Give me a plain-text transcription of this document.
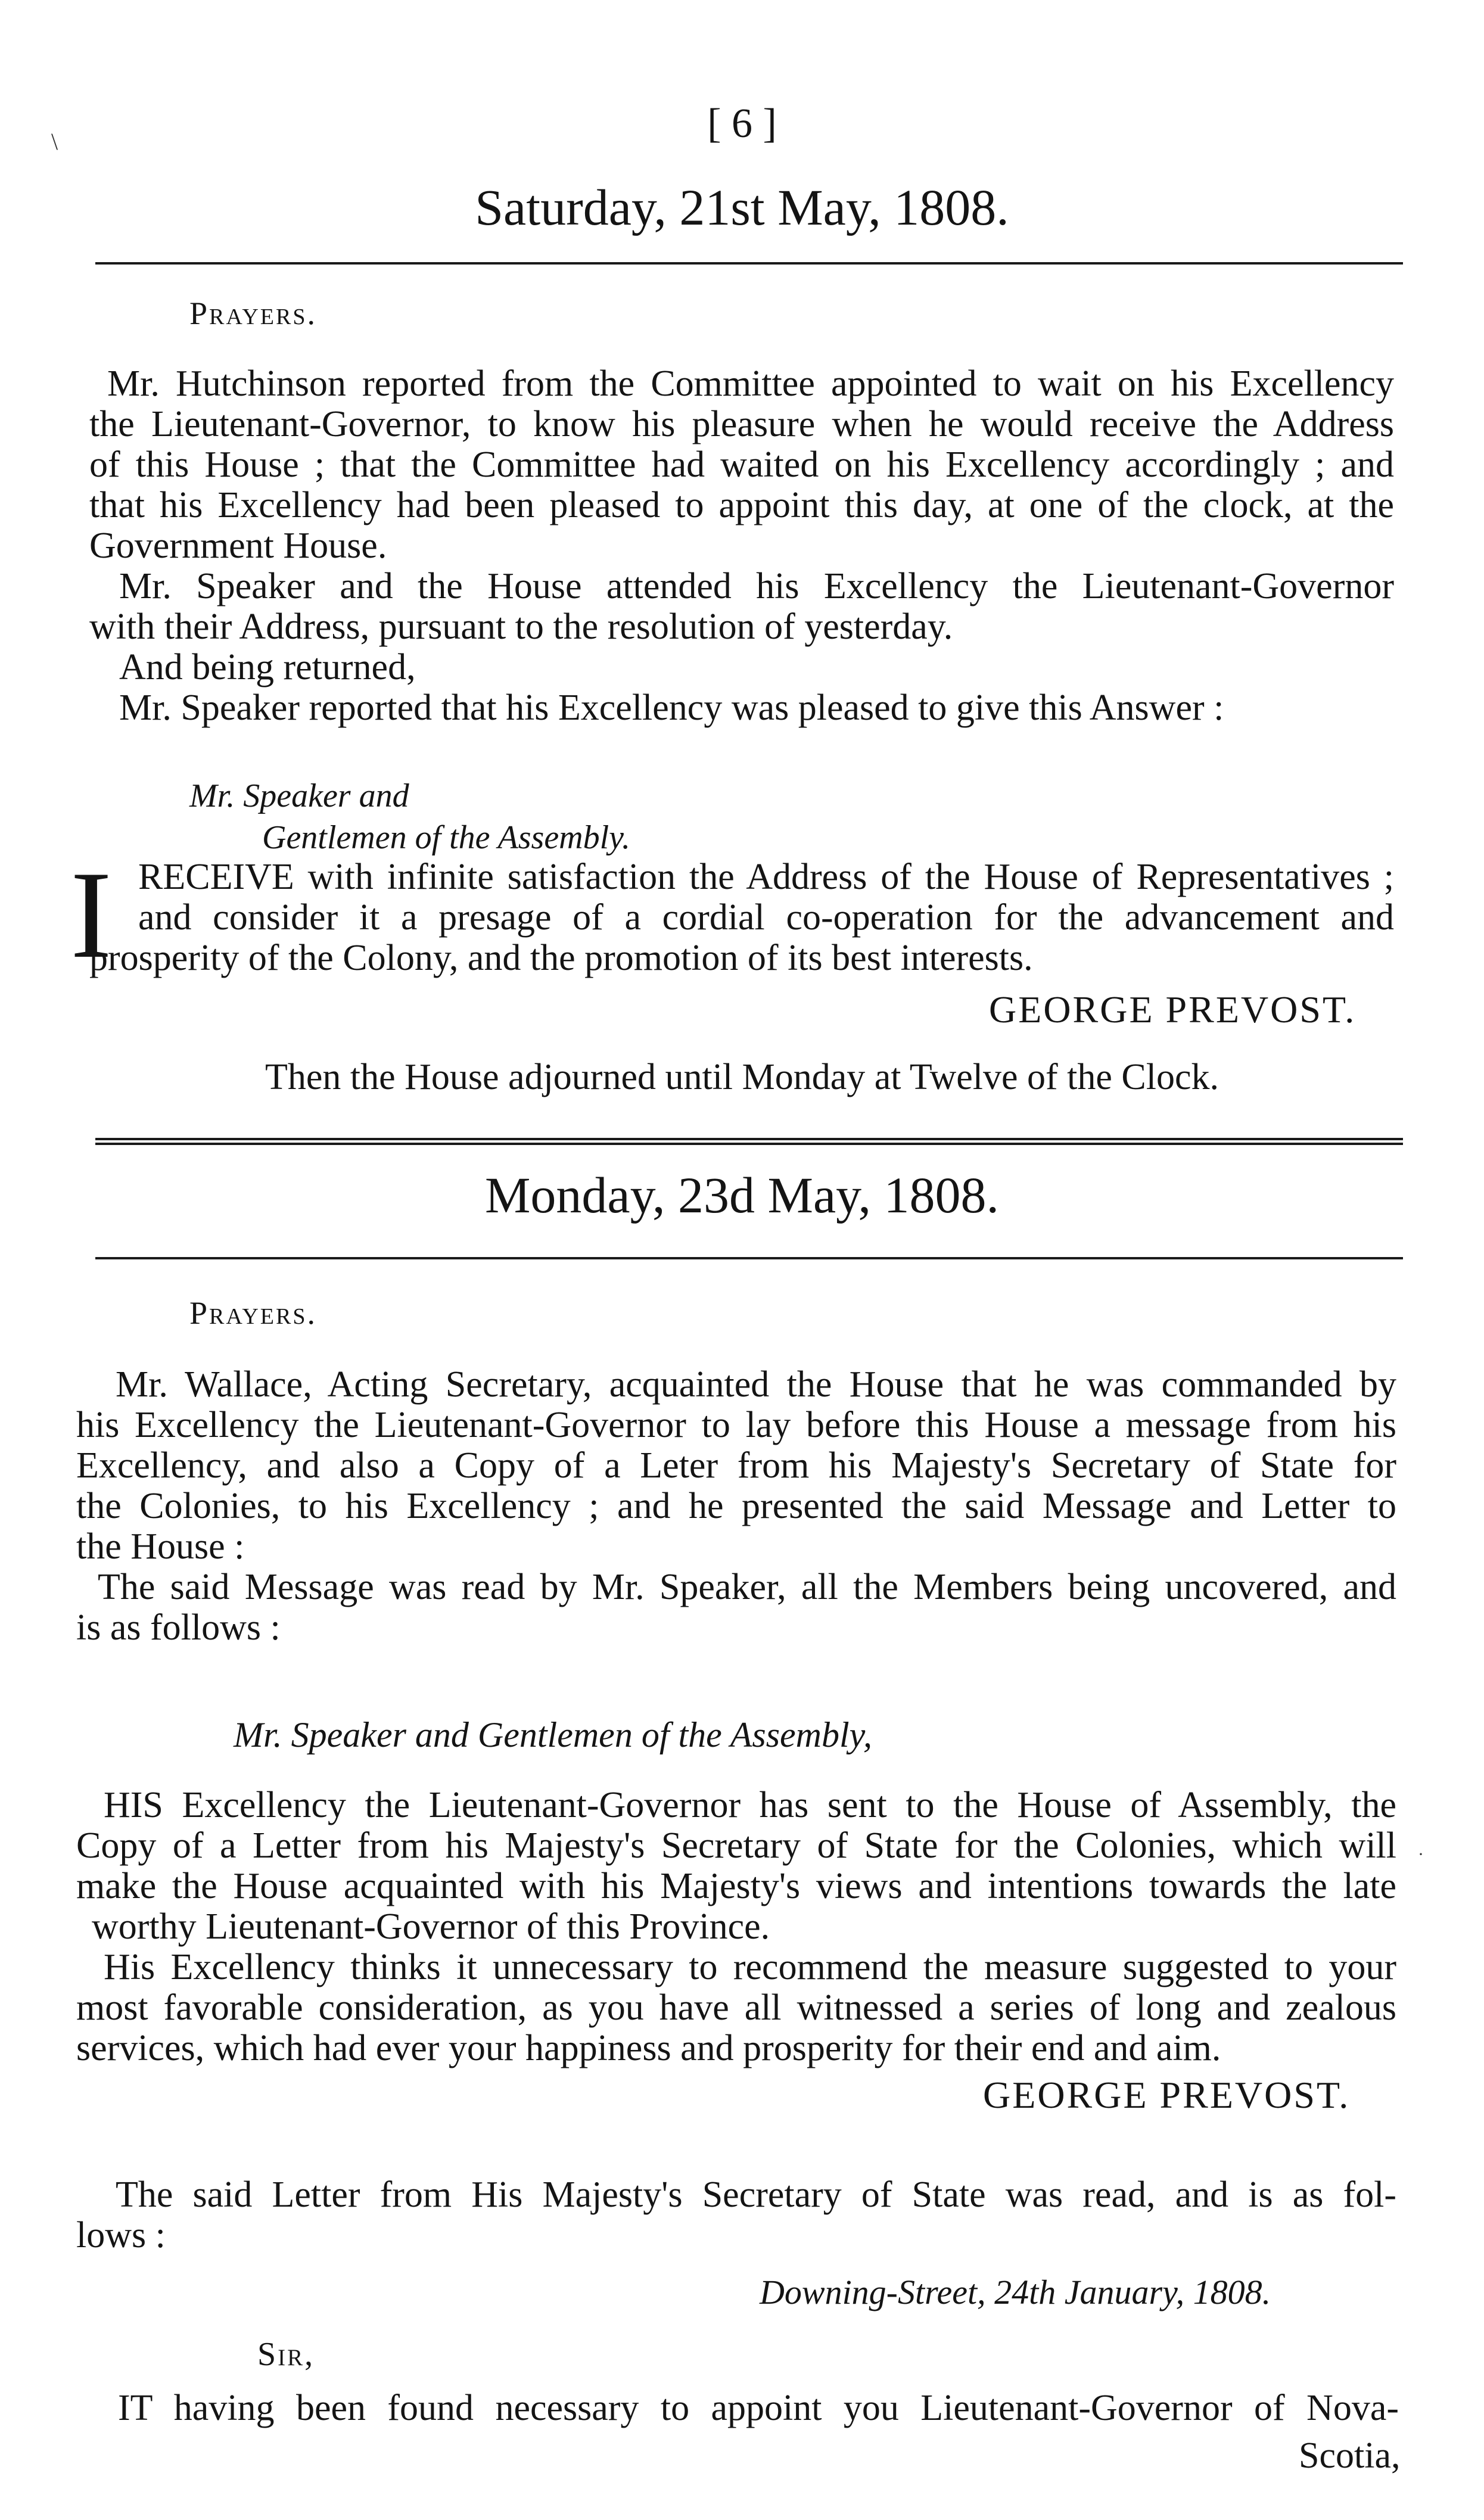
[ 6 ]
Saturday, 21st May, 1808.
Prayers.
Mr. Hutchinson reported from the Committee appointed to wait on his Excellency
the Lieutenant-Governor, to know his pleasure when he would receive the Address
of this House ; that the Committee had waited on his Excellency accordingly ; and
that his Excellency had been pleased to appoint this day, at one of the clock, at the
Government House.
Mr. Speaker and the House attended his Excellency the Lieutenant-Governor
with their Address, pursuant to the resolution of yesterday.
And being returned,
Mr. Speaker reported that his Excellency was pleased to give this Answer :
Mr. Speaker and
Gentlemen of the Assembly.
I RECEIVE with infinite satisfaction the Address of the House of Representatives ;
and consider it a presage of a cordial co-operation for the advancement and
prosperity of the Colony, and the promotion of its best interests.
GEORGE PREVOST.
Then the House adjourned until Monday at Twelve of the Clock.
Monday, 23d May, 1808.
Prayers.
Mr. Wallace, Acting Secretary, acquainted the House that he was commanded by
his Excellency the Lieutenant-Governor to lay before this House a message from his
Excellency, and also a Copy of a Leter from his Majesty's Secretary of State for
the Colonies, to his Excellency ; and he presented the said Message and Letter to
the House :
The said Message was read by Mr. Speaker, all the Members being uncovered, and
is as follows :
Mr. Speaker and Gentlemen of the Assembly,
HIS Excellency the Lieutenant-Governor has sent to the House of Assembly, the
Copy of a Letter from his Majesty's Secretary of State for the Colonies, which will
make the House acquainted with his Majesty's views and intentions towards the late
worthy Lieutenant-Governor of this Province.
His Excellency thinks it unnecessary to recommend the measure suggested to your
most favorable consideration, as you have all witnessed a series of long and zealous
services, which had ever your happiness and prosperity for their end and aim.
GEORGE PREVOST.
The said Letter from His Majesty's Secretary of State was read, and is as fol-
lows :
Downing-Street, 24th January, 1808.
Sir,
IT having been found necessary to appoint you Lieutenant-Governor of Nova-
Scotia,
\
·
